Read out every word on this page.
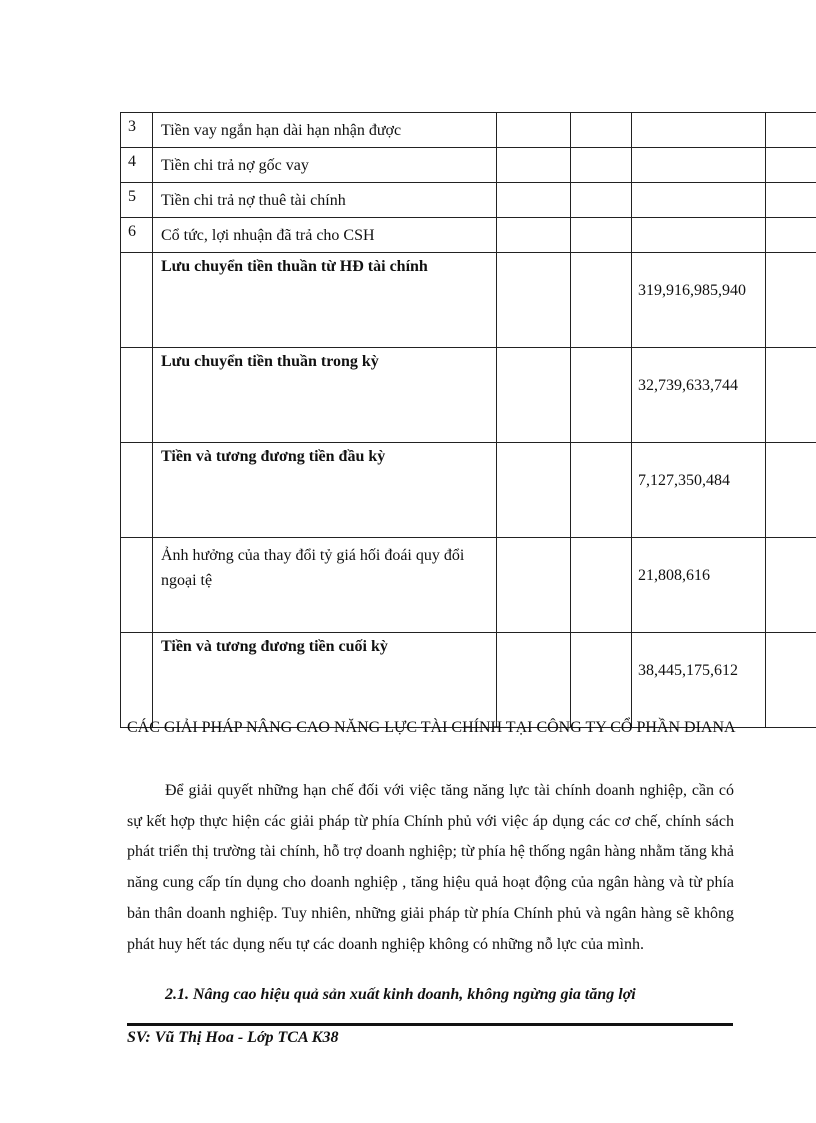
3	Tiền vay ngắn hạn dài hạn nhận được				
4	Tiền chi trả nợ gốc vay				
5	Tiền chi trả nợ thuê tài chính				
6	Cổ tức, lợi nhuận đã trả cho CSH				
	Lưu chuyển tiền thuần từ HĐ tài chính			319,916,985,940	

	Lưu chuyển tiền thuần trong kỳ			32,739,633,744	

	Tiền và tương đương tiền đầu kỳ			7,127,350,484	

	Ảnh hưởng của thay đổi tỷ giá hối đoái quy đổi ngoại tệ			21,808,616	

	Tiền và tương đương tiền cuối kỳ			38,445,175,612	

CÁC GIẢI PHÁP NÂNG CAO NĂNG LỰC TÀI CHÍNH TẠI CÔNG TY CỔ PHẦN DIANA
Để giải quyết những hạn chế đối với việc tăng năng lực tài chính doanh nghiệp, cần có sự kết hợp thực hiện các giải pháp từ phía Chính phủ với việc áp dụng các cơ chế, chính sách phát triển thị trường tài chính, hỗ trợ doanh nghiệp; từ phía hệ thống ngân hàng nhằm tăng khả năng cung cấp tín dụng cho doanh nghiệp , tăng hiệu quả hoạt động của ngân hàng và từ phía bản thân doanh nghiệp. Tuy nhiên, những giải pháp từ phía Chính phủ và ngân hàng sẽ không phát huy hết tác dụng nếu tự các doanh nghiệp không có những nỗ lực của mình.
2.1. Nâng cao hiệu quả sản xuất kinh doanh, không ngừng gia tăng lợi
SV: Vũ Thị Hoa - Lớp TCA K38
